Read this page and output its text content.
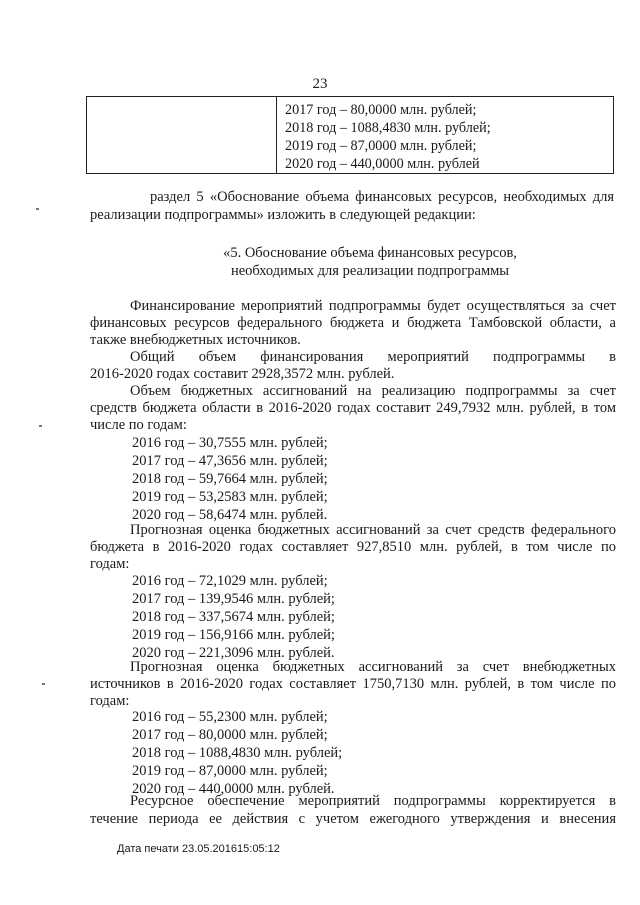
23
2017 год – 80,0000 млн. рублей;
2018 год – 1088,4830 млн. рублей;
2019 год – 87,0000 млн. рублей;
2020 год – 440,0000 млн. рублей
раздел 5 «Обоснование объема финансовых ресурсов, необходимых для
реализации подпрограммы» изложить в следующей редакции:
«5. Обоснование объема финансовых ресурсов,
необходимых для реализации подпрограммы
Финансирование мероприятий подпрограммы будет осуществляться за счет
финансовых ресурсов федерального бюджета и бюджета Тамбовской области, а
также внебюджетных источников.
Общий объем финансирования мероприятий подпрограммы в
2016-2020 годах составит 2928,3572 млн. рублей.
Объем бюджетных ассигнований на реализацию подпрограммы за счет
средств бюджета области в 2016-2020 годах составит 249,7932 млн. рублей, в том
числе по годам:
2016 год – 30,7555 млн. рублей;
2017 год – 47,3656 млн. рублей;
2018 год – 59,7664 млн. рублей;
2019 год – 53,2583 млн. рублей;
2020 год – 58,6474 млн. рублей.
Прогнозная оценка бюджетных ассигнований за счет средств федерального
бюджета в 2016-2020 годах составляет 927,8510 млн. рублей, в том числе по
годам:
2016 год – 72,1029 млн. рублей;
2017 год – 139,9546 млн. рублей;
2018 год – 337,5674 млн. рублей;
2019 год – 156,9166 млн. рублей;
2020 год – 221,3096 млн. рублей.
Прогнозная оценка бюджетных ассигнований за счет внебюджетных
источников в 2016-2020 годах составляет 1750,7130 млн. рублей, в том числе по
годам:
2016 год – 55,2300 млн. рублей;
2017 год – 80,0000 млн. рублей;
2018 год – 1088,4830 млн. рублей;
2019 год – 87,0000 млн. рублей;
2020 год – 440,0000 млн. рублей.
Ресурсное обеспечение мероприятий подпрограммы корректируется в
течение периода ее действия с учетом ежегодного утверждения и внесения
Дата печати 23.05.201615:05:12
